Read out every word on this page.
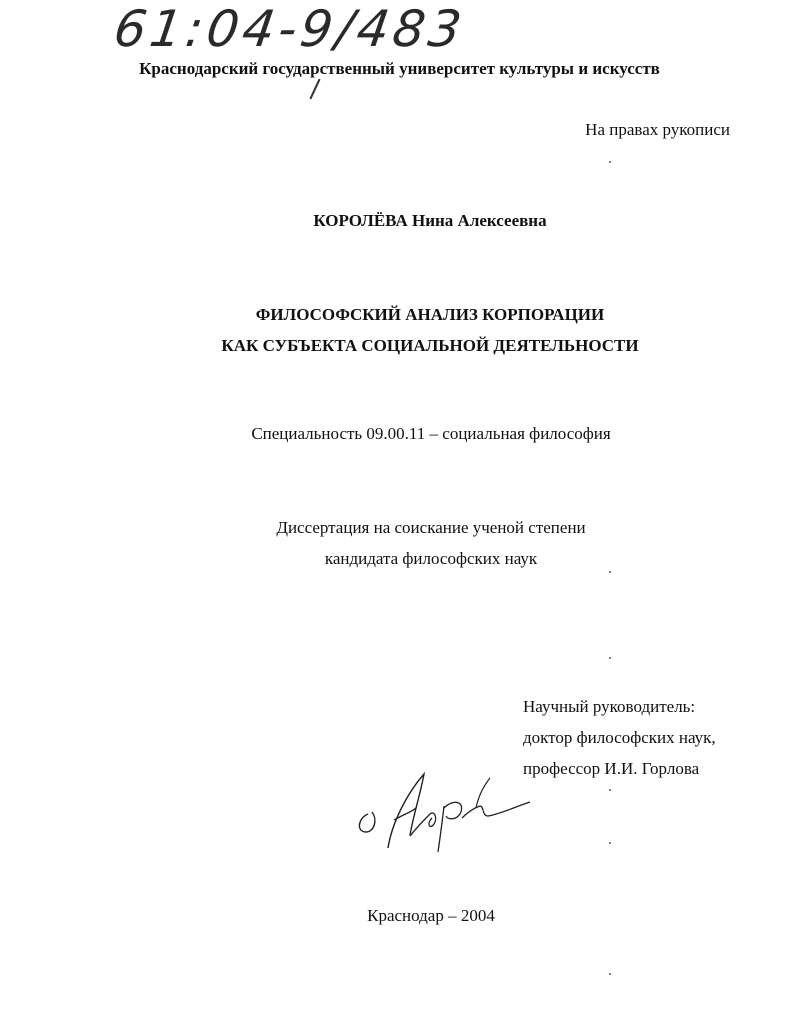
61:04-9/483
Краснодарский государственный университет культуры и искусств
На правах рукописи
КОРОЛЁВА Нина Алексеевна
ФИЛОСОФСКИЙ АНАЛИЗ КОРПОРАЦИИ
КАК СУБЪЕКТА СОЦИАЛЬНОЙ ДЕЯТЕЛЬНОСТИ
Специальность 09.00.11 – социальная философия
Диссертация на соискание ученой степени
кандидата философских наук
Научный руководитель:
доктор философских наук,
профессор И.И. Горлова
Краснодар – 2004
